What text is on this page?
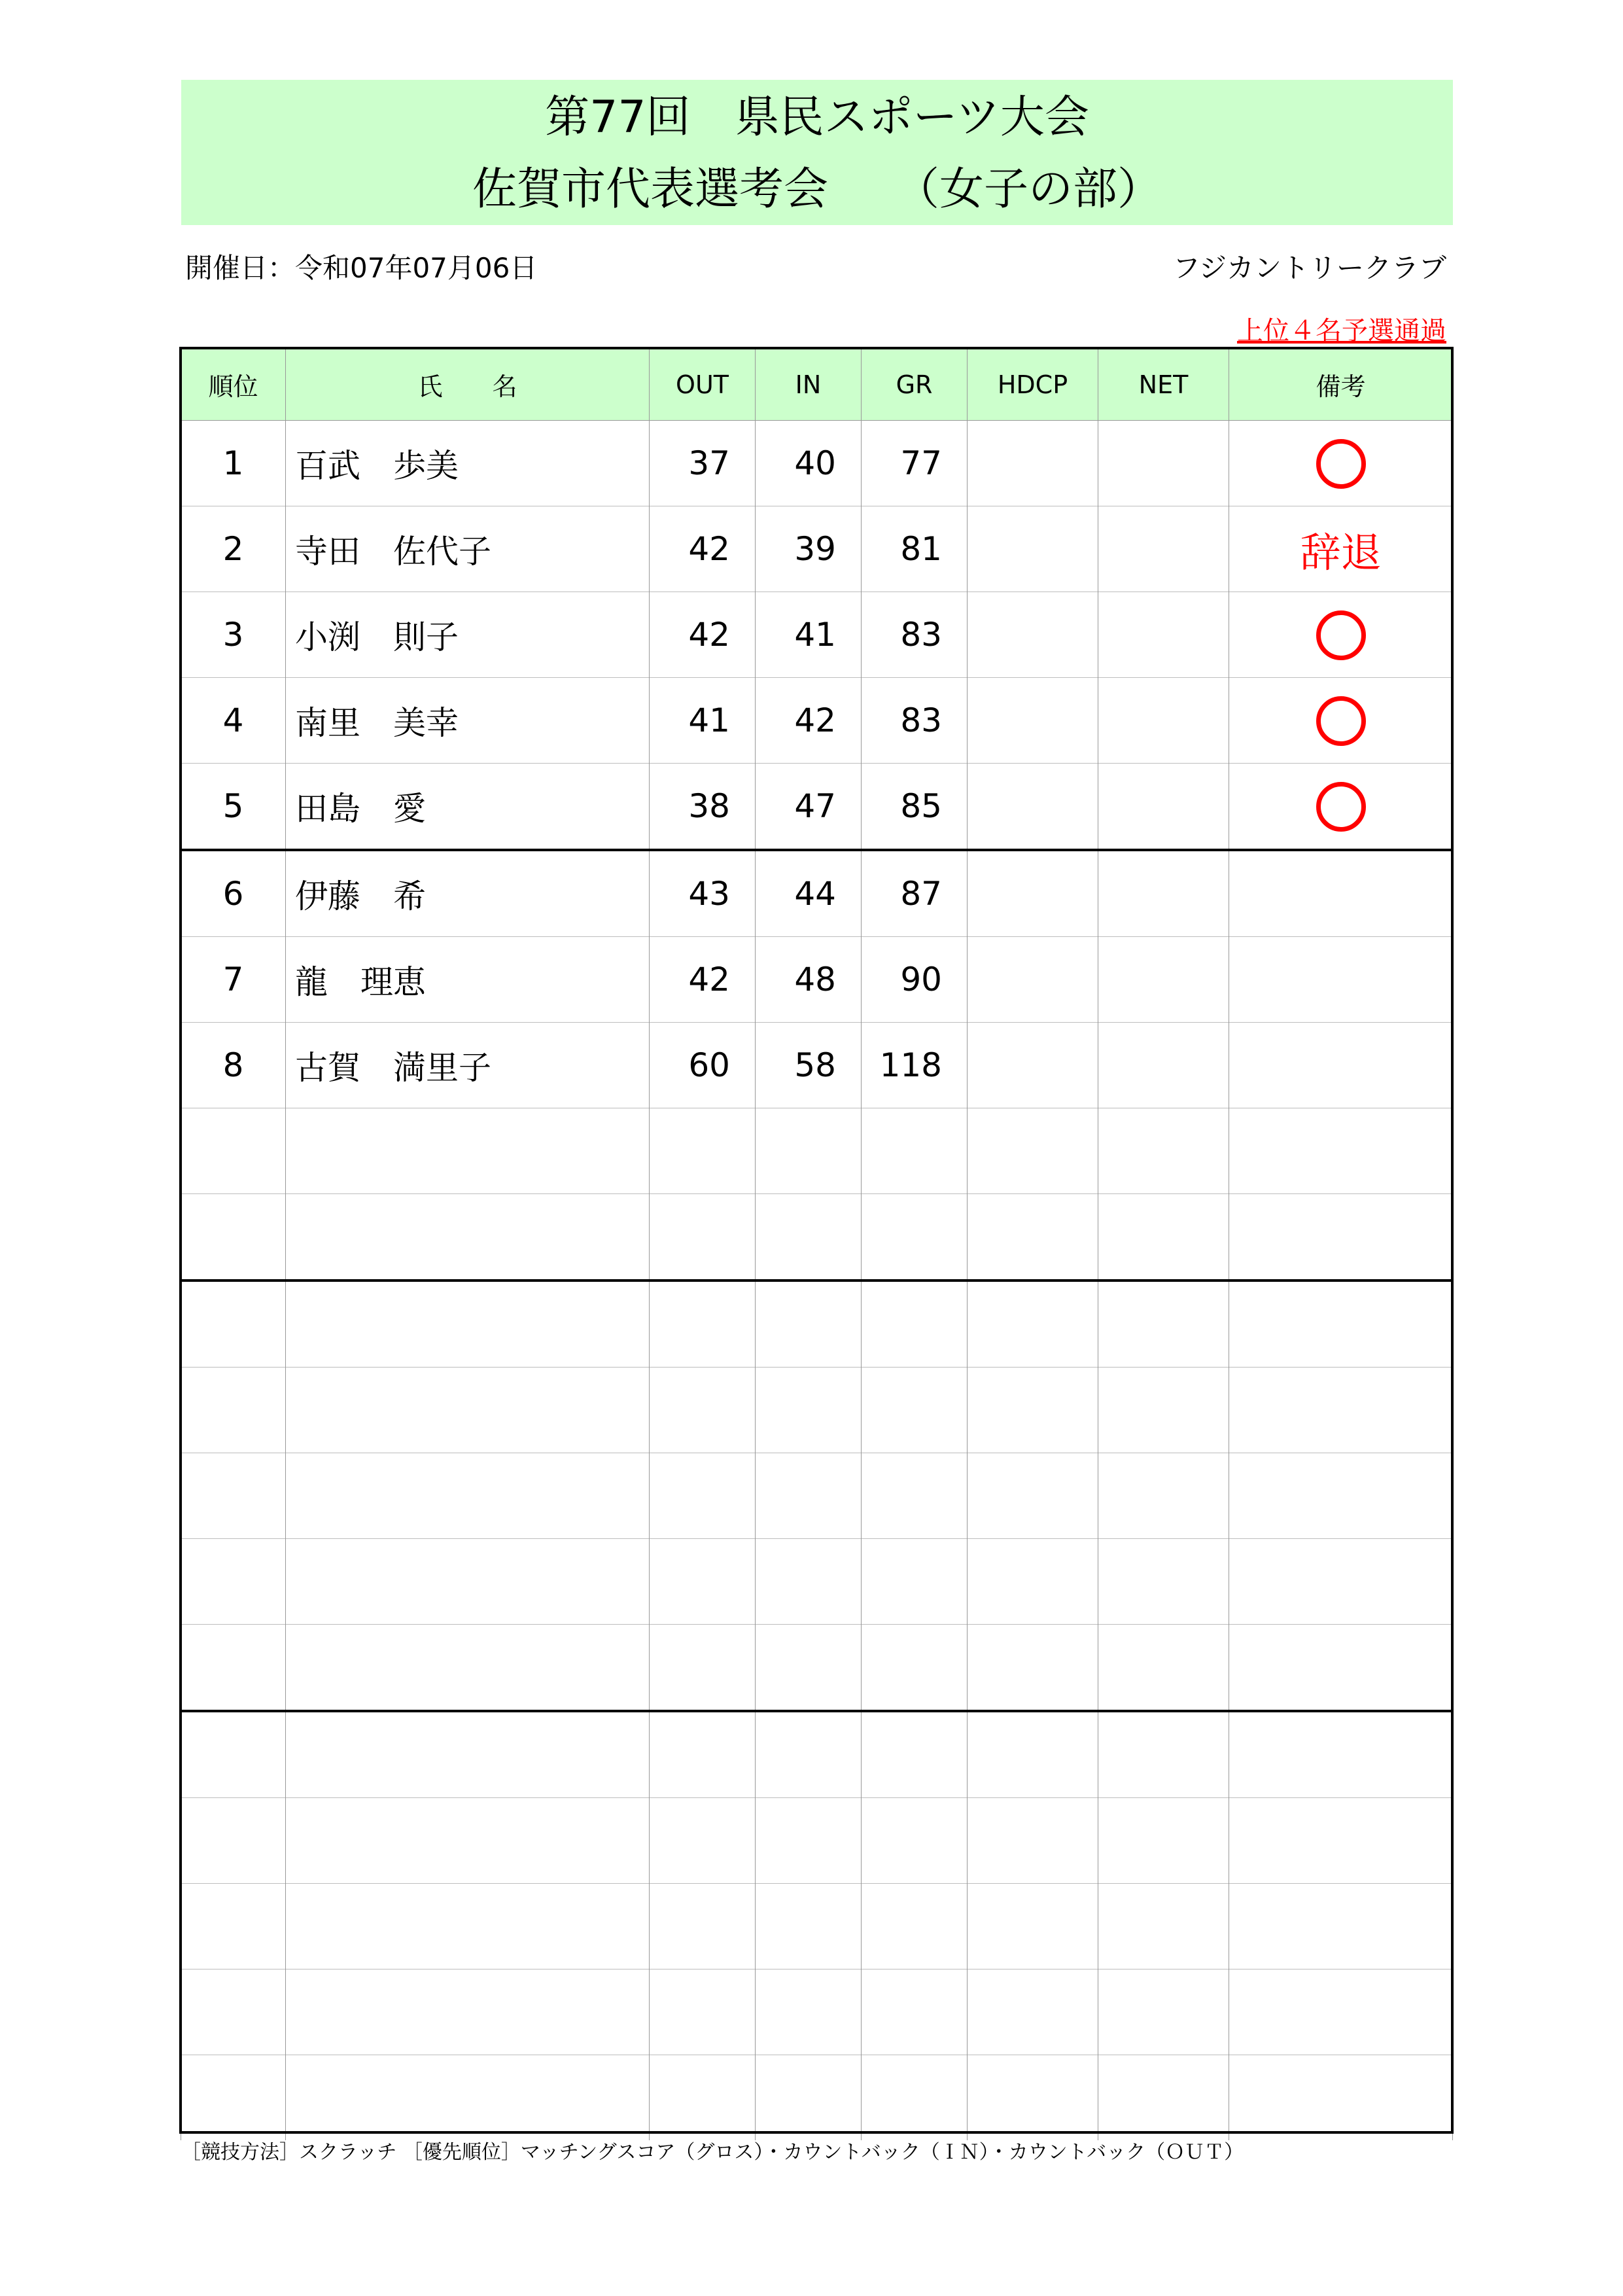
第77回　県民スポーツ大会
佐賀市代表選考会　　（女子の部）
開催日：令和07年07月06日	フジカントリークラブ
上位４名予選通過
順位	氏　　名	OUT	IN	GR	HDCP	NET	備考
1	百武　歩美	37	40	77			
2	寺田　佐代子	42	39	81			辞退
3	小渕　則子	42	41	83			
4	南里　美幸	41	42	83			
5	田島　愛	38	47	85			
6	伊藤　希	43	44	87			
7	龍　理恵	42	48	90			
8	古賀　満里子	60	58	118			

［競技方法］スクラッチ ［優先順位］マッチングスコア（グロス）・カウントバック（ＩＮ）・カウントバック（ＯＵＴ）
